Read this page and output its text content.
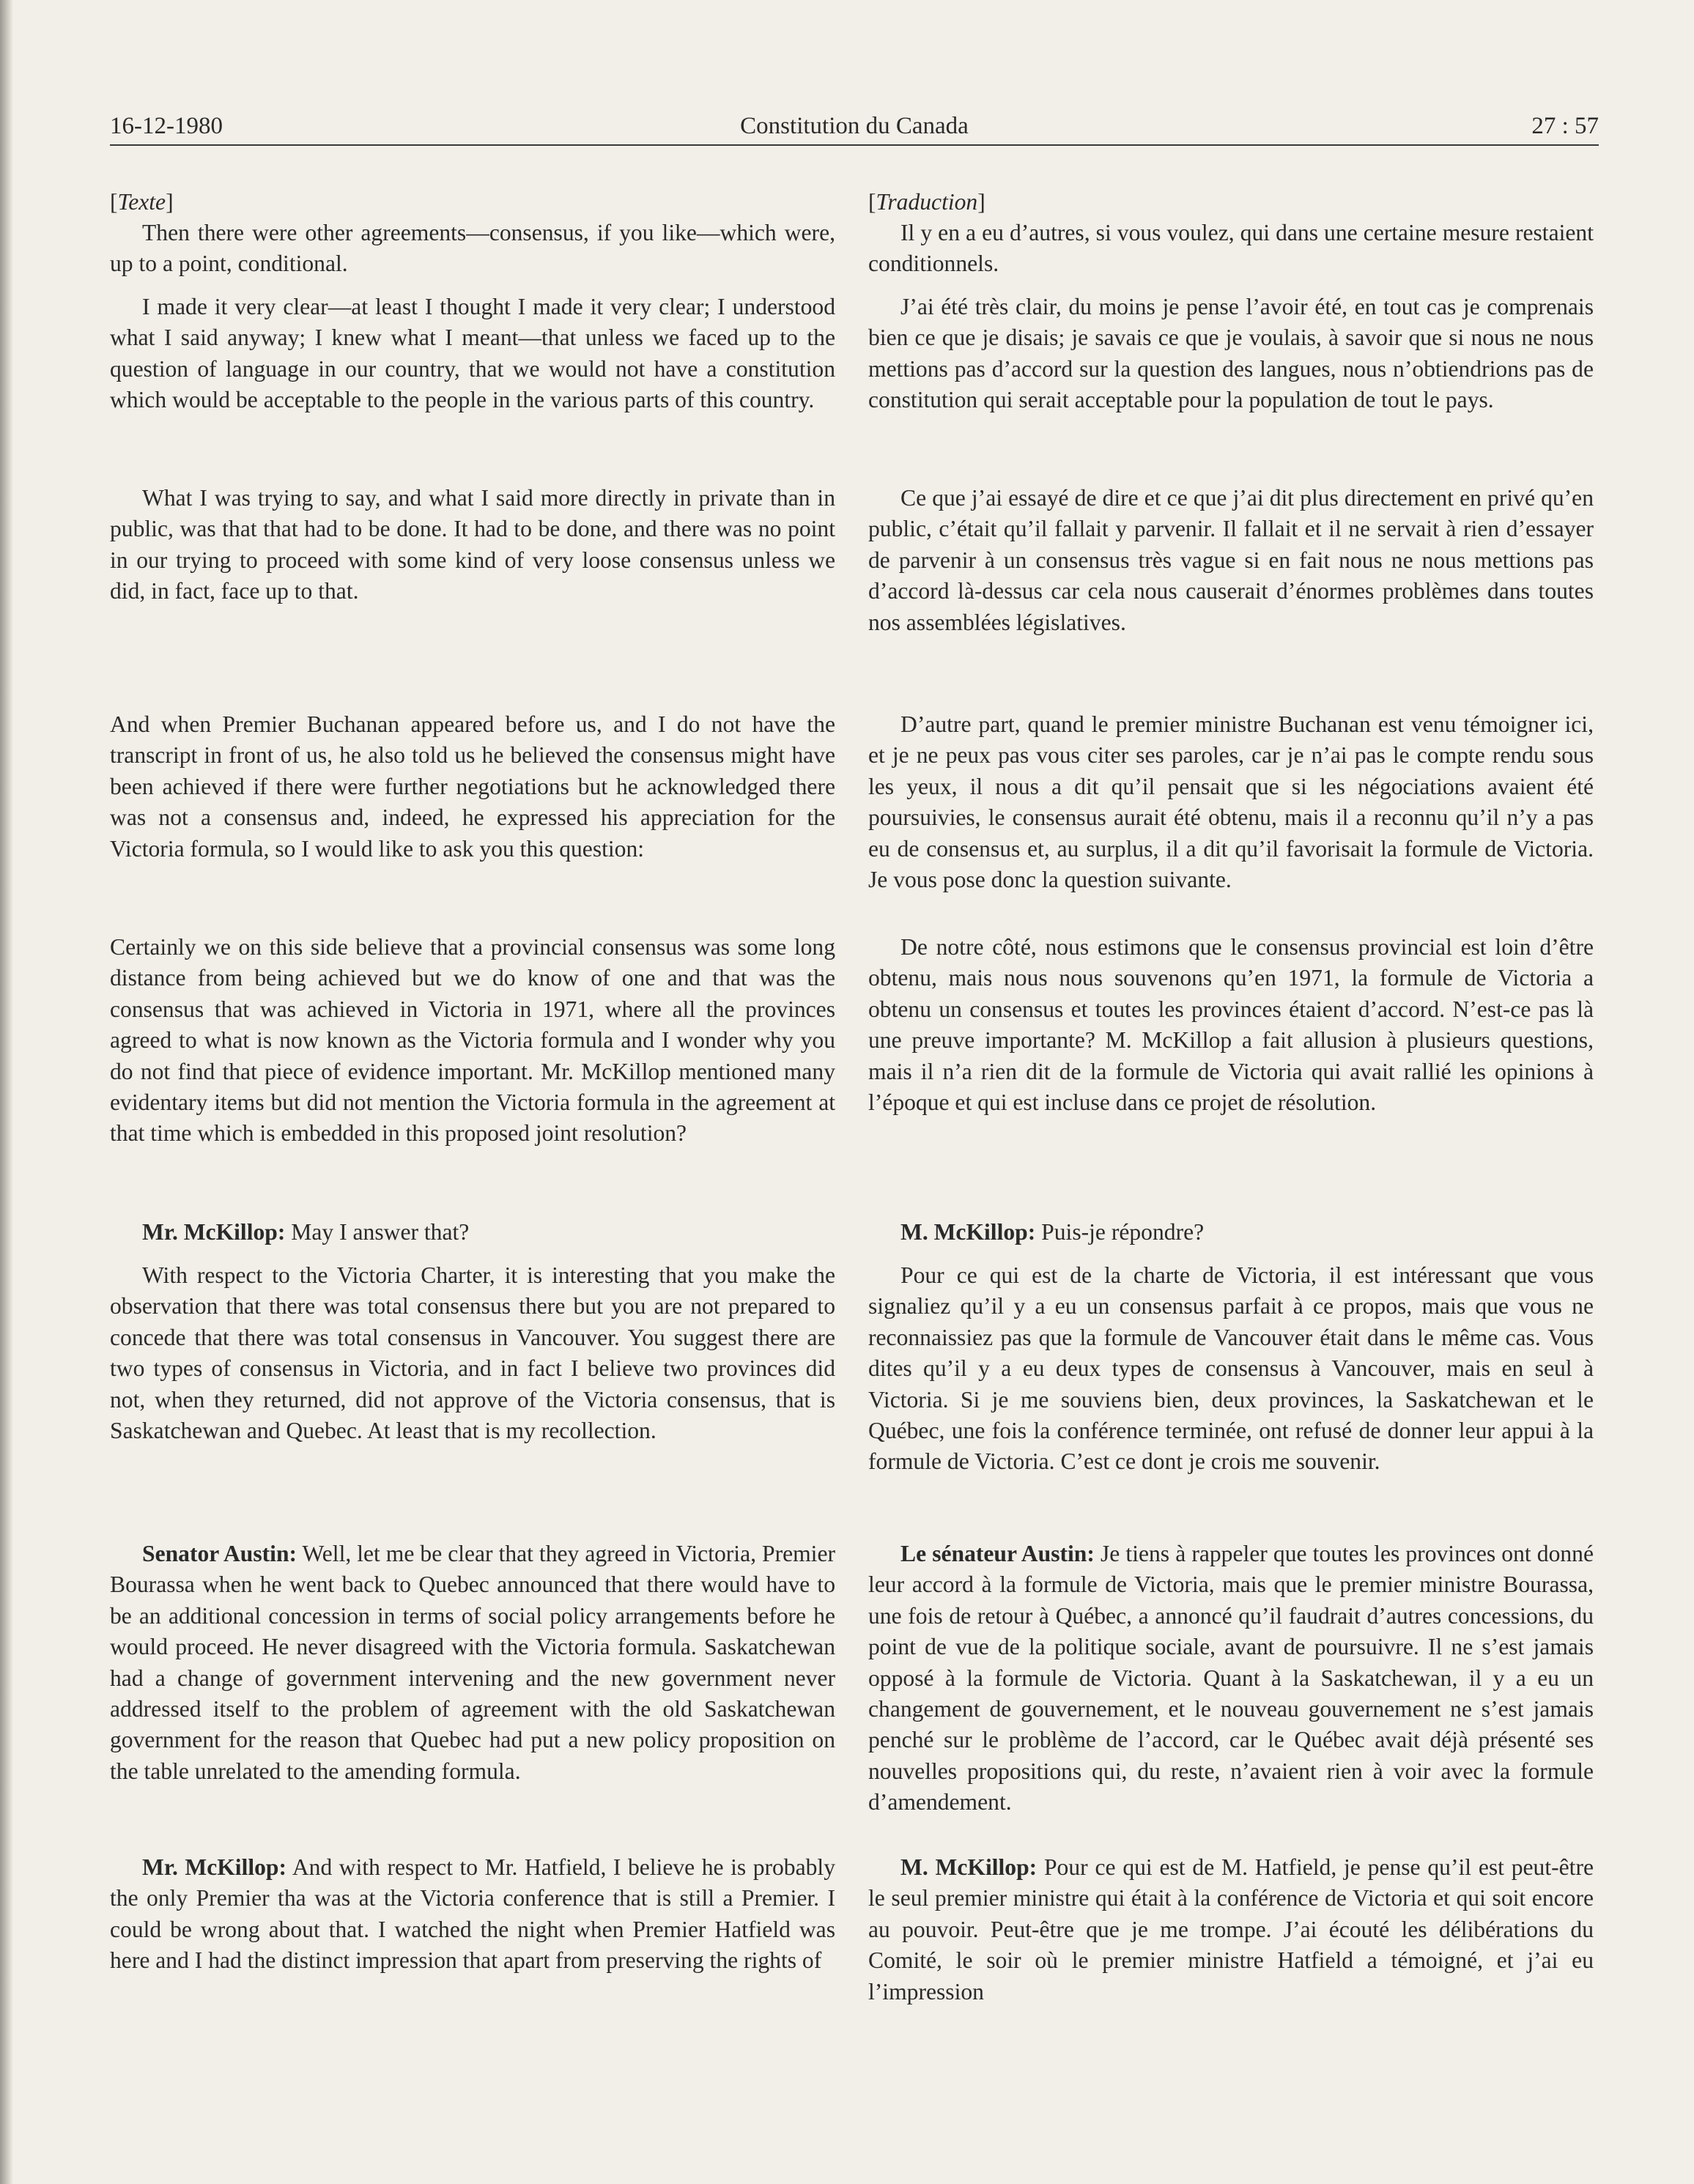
16-12-1980	Constitution du Canada	27 : 57

[Texte]

Then there were other agreements—consensus, if you like—which were, up to a point, conditional.

I made it very clear—at least I thought I made it very clear; I understood what I said anyway; I knew what I meant—that unless we faced up to the question of language in our country, that we would not have a constitution which would be acceptable to the people in the various parts of this country.

What I was trying to say, and what I said more directly in private than in public, was that that had to be done. It had to be done, and there was no point in our trying to proceed with some kind of very loose consensus unless we did, in fact, face up to that.

And when Premier Buchanan appeared before us, and I do not have the transcript in front of us, he also told us he believed the consensus might have been achieved if there were further negotiations but he acknowledged there was not a consensus and, indeed, he expressed his appreciation for the Victoria formula, so I would like to ask you this question:

Certainly we on this side believe that a provincial consensus was some long distance from being achieved but we do know of one and that was the consensus that was achieved in Victoria in 1971, where all the provinces agreed to what is now known as the Victoria formula and I wonder why you do not find that piece of evidence important. Mr. McKillop mentioned many evidentary items but did not mention the Victoria formula in the agreement at that time which is embedded in this proposed joint resolution?

Mr. McKillop: May I answer that?

With respect to the Victoria Charter, it is interesting that you make the observation that there was total consensus there but you are not prepared to concede that there was total consensus in Vancouver. You suggest there are two types of consensus in Victoria, and in fact I believe two provinces did not, when they returned, did not approve of the Victoria consensus, that is Saskatchewan and Quebec. At least that is my recollection.

Senator Austin: Well, let me be clear that they agreed in Victoria, Premier Bourassa when he went back to Quebec announced that there would have to be an additional concession in terms of social policy arrangements before he would proceed. He never disagreed with the Victoria formula. Saskatchewan had a change of government intervening and the new government never addressed itself to the problem of agreement with the old Saskatchewan government for the reason that Quebec had put a new policy proposition on the table unrelated to the amending formula.

Mr. McKillop: And with respect to Mr. Hatfield, I believe he is probably the only Premier tha was at the Victoria conference that is still a Premier. I could be wrong about that. I watched the night when Premier Hatfield was here and I had the distinct impression that apart from preserving the rights of

[Traduction]

Il y en a eu d’autres, si vous voulez, qui dans une certaine mesure restaient conditionnels.

J’ai été très clair, du moins je pense l’avoir été, en tout cas je comprenais bien ce que je disais; je savais ce que je voulais, à savoir que si nous ne nous mettions pas d’accord sur la question des langues, nous n’obtiendrions pas de constitution qui serait acceptable pour la population de tout le pays.

Ce que j’ai essayé de dire et ce que j’ai dit plus directement en privé qu’en public, c’était qu’il fallait y parvenir. Il fallait et il ne servait à rien d’essayer de parvenir à un consensus très vague si en fait nous ne nous mettions pas d’accord là-dessus car cela nous causerait d’énormes problèmes dans toutes nos assemblées législatives.

D’autre part, quand le premier ministre Buchanan est venu témoigner ici, et je ne peux pas vous citer ses paroles, car je n’ai pas le compte rendu sous les yeux, il nous a dit qu’il pensait que si les négociations avaient été poursuivies, le consensus aurait été obtenu, mais il a reconnu qu’il n’y a pas eu de consensus et, au surplus, il a dit qu’il favorisait la formule de Victoria. Je vous pose donc la question suivante.

De notre côté, nous estimons que le consensus provincial est loin d’être obtenu, mais nous nous souvenons qu’en 1971, la formule de Victoria a obtenu un consensus et toutes les provinces étaient d’accord. N’est-ce pas là une preuve importante? M. McKillop a fait allusion à plusieurs questions, mais il n’a rien dit de la formule de Victoria qui avait rallié les opinions à l’époque et qui est incluse dans ce projet de résolution.

M. McKillop: Puis-je répondre?

Pour ce qui est de la charte de Victoria, il est intéressant que vous signaliez qu’il y a eu un consensus parfait à ce propos, mais que vous ne reconnaissiez pas que la formule de Vancouver était dans le même cas. Vous dites qu’il y a eu deux types de consensus à Vancouver, mais en seul à Victoria. Si je me souviens bien, deux provinces, la Saskatchewan et le Québec, une fois la conférence terminée, ont refusé de donner leur appui à la formule de Victoria. C’est ce dont je crois me souvenir.

Le sénateur Austin: Je tiens à rappeler que toutes les provinces ont donné leur accord à la formule de Victoria, mais que le premier ministre Bourassa, une fois de retour à Québec, a annoncé qu’il faudrait d’autres concessions, du point de vue de la politique sociale, avant de poursuivre. Il ne s’est jamais opposé à la formule de Victoria. Quant à la Saskatchewan, il y a eu un changement de gouvernement, et le nouveau gouvernement ne s’est jamais penché sur le problème de l’accord, car le Québec avait déjà présenté ses nouvelles propositions qui, du reste, n’avaient rien à voir avec la formule d’amendement.

M. McKillop: Pour ce qui est de M. Hatfield, je pense qu’il est peut-être le seul premier ministre qui était à la conférence de Victoria et qui soit encore au pouvoir. Peut-être que je me trompe. J’ai écouté les délibérations du Comité, le soir où le premier ministre Hatfield a témoigné, et j’ai eu l’impression
